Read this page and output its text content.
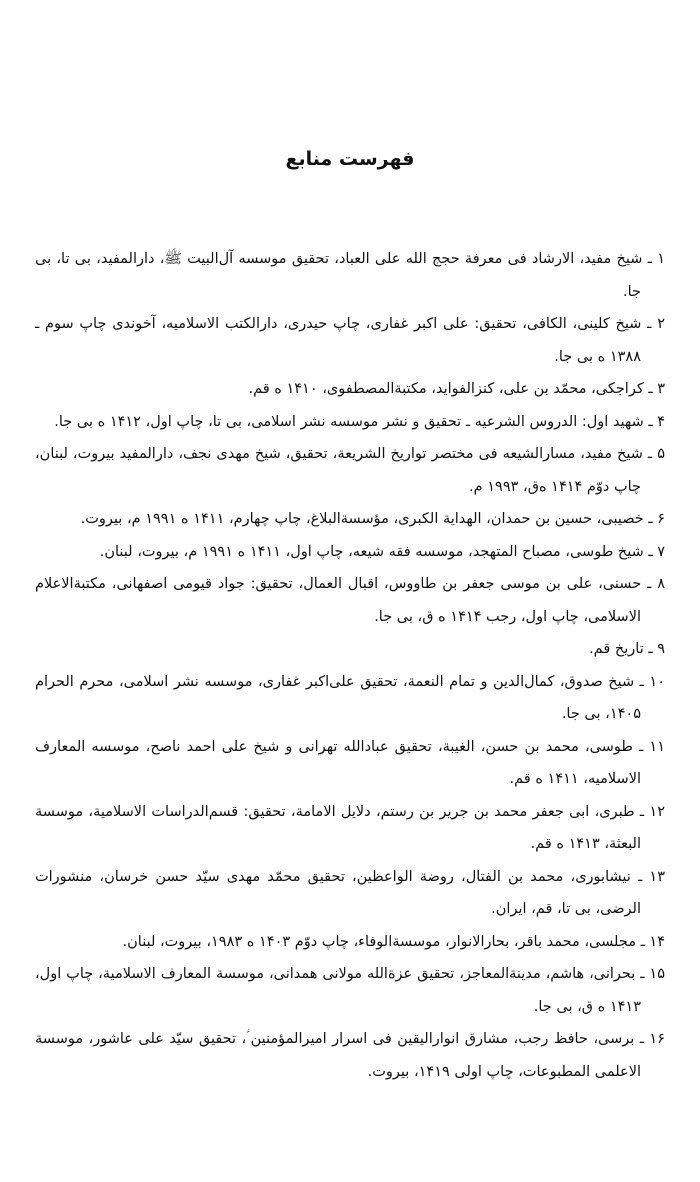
فهرست منابع
۱ ـ شیخ مفید، الارشاد فی معرفة حجج الله علی العباد، تحقیق موسسه آل‌البیت ﷺ، دارالمفید، بی تا، بی جا.
۲ ـ شیخ کلینی، الکافی، تحقیق: علی اکبر غفاری، چاپ حیدری، دارالکتب الاسلامیه، آخوندی چاپ سوم ـ ۱۳۸۸ ه بی جا.
۳ ـ کراجکی، محمّد بن علی، کنزالفواید، مکتبة‌المصطفوی، ۱۴۱۰ ه قم.
۴ ـ شهید اول: الدروس الشرعیه ـ تحقیق و نشر موسسه نشر اسلامی، بی تا، چاپ اول، ۱۴۱۲ ه بی جا.
۵ ـ شیخ مفید، مسارالشیعه فی مختصر تواریخ الشریعة، تحقیق، شیخ مهدی نجف، دارالمفید بیروت، لبنان، چاپ دوّم ۱۴۱۴ ه‌ق، ۱۹۹۳ م.
۶ ـ خصیبی، حسین بن حمدان، الهدایة الکبری، مؤسسة‌البلاغ، چاپ چهارم، ۱۴۱۱ ه ۱۹۹۱ م، بیروت.
۷ ـ شیخ طوسی، مصباح المتهجد، موسسه فقه شیعه، چاپ اول، ۱۴۱۱ ه ۱۹۹۱ م، بیروت، لبنان.
۸ ـ حسنی، علی بن موسی جعفر بن طاووس، اقبال العمال، تحقیق: جواد قیومی اصفهانی، مکتبة‌الاعلام الاسلامی، چاپ اول، رجب ۱۴۱۴ ه ق، بی جا.
۹ ـ تاریخ قم.
۱۰ ـ شیخ صدوق، کمال‌الدین و تمام النعمة، تحقیق علی‌اکبر غفاری، موسسه نشر اسلامی، محرم الحرام ۱۴۰۵، بی جا.
۱۱ ـ طوسی، محمد بن حسن، الغیبة، تحقیق عبادالله تهرانی و شیخ علی احمد ناصح، موسسه المعارف الاسلامیه، ۱۴۱۱ ه قم.
۱۲ ـ طبری، ابی جعفر محمد بن جریر بن رستم، دلایل الامامة، تحقیق: قسم‌الدراسات الاسلامیة، موسسة البعثة، ۱۴۱۳ ه قم.
۱۳ ـ نیشابوری، محمد بن الفتال، روضة الواعظین، تحقیق محمّد مهدی سیّد حسن خرسان، منشورات الرضی، بی تا، قم، ایران.
۱۴ ـ مجلسی، محمد باقر، بحارالانوار، موسسة‌الوفاء، چاپ دوّم ۱۴۰۳ ه ۱۹۸۳، بیروت، لبنان.
۱۵ ـ بحرانی، هاشم، مدینة‌المعاجز، تحقیق عزة‌الله مولانی همدانی، موسسة المعارف الاسلامیة، چاپ اول، ۱۴۱۳ ه ق، بی جا.
۱۶ ـ برسی، حافظ رجب، مشارق انوارالیقین فی اسرار امیرالمؤمنین ؑ، تحقیق سیّد علی عاشور، موسسة الاعلمی المطبوعات، چاپ اولی ۱۴۱۹، بیروت.
